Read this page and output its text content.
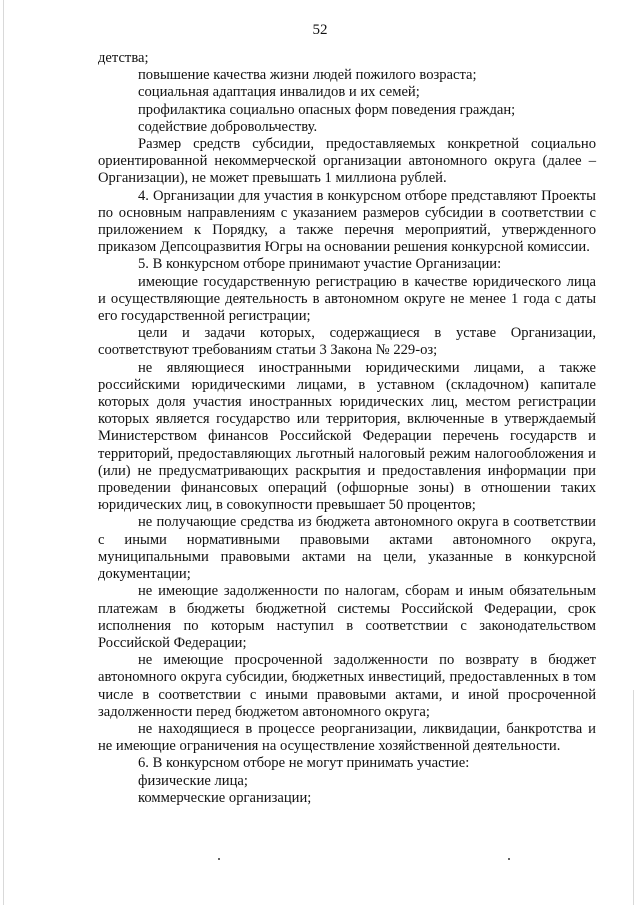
52

детства;

повышение качества жизни людей пожилого возраста;

социальная адаптация инвалидов и их семей;

профилактика социально опасных форм поведения граждан;

содействие добровольчеству.

Размер средств субсидии, предоставляемых конкретной социально ориентированной некоммерческой организации автономного округа (далее – Организации), не может превышать 1 миллиона рублей.

4. Организации для участия в конкурсном отборе представляют Проекты по основным направлениям с указанием размеров субсидии в соответствии с приложением к Порядку, а также перечня мероприятий, утвержденного приказом Депсоцразвития Югры на основании решения конкурсной комиссии.

5. В конкурсном отборе принимают участие Организации:

имеющие государственную регистрацию в качестве юридического лица и осуществляющие деятельность в автономном округе не менее 1 года с даты его государственной регистрации;

цели и задачи которых, содержащиеся в уставе Организации, соответствуют требованиям статьи 3 Закона № 229-оз;

не являющиеся иностранными юридическими лицами, а также российскими юридическими лицами, в уставном (складочном) капитале которых доля участия иностранных юридических лиц, местом регистрации которых является государство или территория, включенные в утверждаемый Министерством финансов Российской Федерации перечень государств и территорий, предоставляющих льготный налоговый режим налогообложения и (или) не предусматривающих раскрытия и предоставления информации при проведении финансовых операций (офшорные зоны) в отношении таких юридических лиц, в совокупности превышает 50 процентов;

не получающие средства из бюджета автономного округа в соответствии с иными нормативными правовыми актами автономного округа, муниципальными правовыми актами на цели, указанные в конкурсной документации;

не имеющие задолженности по налогам, сборам и иным обязательным платежам в бюджеты бюджетной системы Российской Федерации, срок исполнения по которым наступил в соответствии с законодательством Российской Федерации;

не имеющие просроченной задолженности по возврату в бюджет автономного округа субсидии, бюджетных инвестиций, предоставленных в том числе в соответствии с иными правовыми актами, и иной просроченной задолженности перед бюджетом автономного округа;

не находящиеся в процессе реорганизации, ликвидации, банкротства и не имеющие ограничения на осуществление хозяйственной деятельности.

6. В конкурсном отборе не могут принимать участие:

физические лица;

коммерческие организации;
